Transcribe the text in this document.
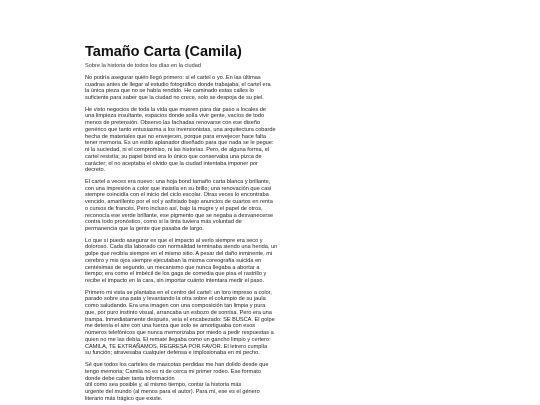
Tamaño Carta (Camila)
Sobre la historia de todos los días en la ciudad
No podría asegurar quién llegó primero: si el cartel o yo. En las últimas
cuadras antes de llegar al estudio fotográfico donde trabajaba, el cartel era
la única pieza que no se había rendido. He caminado estas calles lo
suficiente para saber que la ciudad no crece, solo se despoja de su piel.
He visto negocios de toda la vida que mueren para dar paso a locales de
una limpieza insultante, espacios donde solía vivir gente, vacíos de todo
menos de pretensión. Observo las fachadas renovarse con ese diseño
genérico que tanto entusiasma a los inversionistas, una arquitectura cobarde
hecha de materiales que no envejecen, porque para envejecer hace falta
tener memoria. Es un estilo aplanador diseñado para que nada se le pegue:
ni la suciedad, ni el compromiso, ni las historias. Pero, de alguna forma, el
cartel resistía; su papel bond era lo único que conservaba una pizca de
carácter; el no aceptaba el olvido que la ciudad intentaba imponer por
decreto.
El cartel a veces era nuevo: una hoja bond tamaño carta blanca y brillante,
con una impresión a color que insistía en su brillo; una renovación que casi
siempre coincidía con el inicio del ciclo escolar. Otras veces lo encontraba
vencido, amarillento por el sol y asfixiado bajo anuncios de cuartos en renta
o cursos de francés. Pero incluso así, bajo la mugre y el papel de otros,
reconocía ese verde brillante, ese pigmento que se negaba a desvanecerse
contra todo pronóstico, como si la tinta tuviera más voluntad de
permanencia que la gente que pasaba de largo.
Lo que sí puedo asegurar es que el impacto al verlo siempre era seco y
doloroso. Cada día laborado con normalidad terminaba siendo una herida, un
golpe que recibía siempre en el mismo sitio. A pesar del daño inminente, mi
cerebro y mis ojos siempre ejecutaban la misma coreografía suicida en
centésimas de segundo, un mecanismo que nunca llegaba a abortar a
tiempo; era como el imbécil de los gags de comedia que pisa el rastrillo y
recibe el impacto en la cara, sin importar cuánto intentara medir el paso.
Primero mi vista se plantaba en el centro del cartel: un loro impreso a color,
parado sobre una pata y levantando la otra sobre el columpio de su jaula
como saludando. Era una imagen con una composición tan limpia y pura
que, por puro instinto visual, arrancaba un esbozo de sonrisa. Pero era una
trampa. Inmediatamente después, veía el encabezado: SE BUSCA. El golpe
me detenía el aire con una fuerza que solo se amortiguaba con esos
números telefónicos que nunca memorizaba por miedo a pedir respuestas a
quien no me las debía. El remate llegaba como un gancho limpio y certero:
CAMILA, TE EXTRAÑAMOS, REGRESA POR FAVOR. El letrero cumplía
su función; atravesaba cualquier defensa e implosionaba en mi pecho.
Sé que todos los carteles de mascotas perdidas me han dolido desde que
tengo memoria; Camila no es ni de cerca mi primer rodeo. Ese formato
donde debe caber tanta información
útil como sea posible y, al mismo tiempo, contar la historia más
urgente del mundo (al menos para el autor). Para mí, ese es el género
literario más trágico que existe.
